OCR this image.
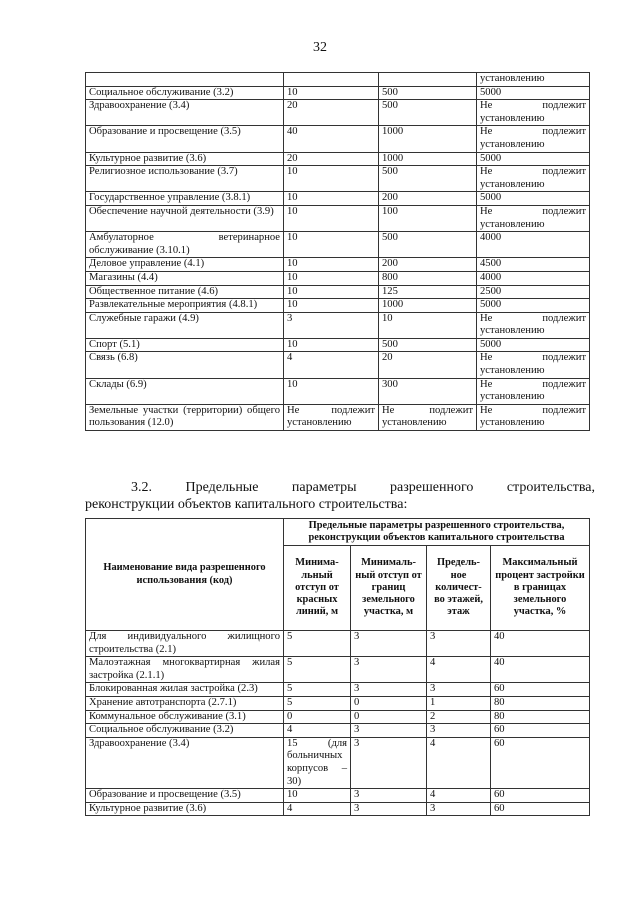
32
			установлению
Социальное обслуживание (3.2)	10	500	5000
Здравоохранение (3.4)	20	500	Не подлежит установлению
Образование и просвещение (3.5)	40	1000	Не подлежит установлению
Культурное развитие (3.6)	20	1000	5000
Религиозное использование (3.7)	10	500	Не подлежит установлению
Государственное управление (3.8.1)	10	200	5000
Обеспечение научной деятельности (3.9)	10	100	Не подлежит установлению
Амбулаторное ветеринарное обслуживание (3.10.1)	10	500	4000
Деловое управление (4.1)	10	200	4500
Магазины (4.4)	10	800	4000
Общественное питание (4.6)	10	125	2500
Развлекательные мероприятия (4.8.1)	10	1000	5000
Служебные гаражи (4.9)	3	10	Не подлежит установлению
Спорт (5.1)	10	500	5000
Связь (6.8)	4	20	Не подлежит установлению
Склады (6.9)	10	300	Не подлежит установлению
Земельные участки (территории) общего пользования (12.0)	Не подлежит установлению	Не подлежит установлению	Не подлежит установлению
3.2. Предельные параметры разрешенного строительства,
реконструкции объектов капитального строительства:
Наименование вида разрешенного использования (код)	Предельные параметры разрешенного строительства, реконструкции объектов капитального строительства			
	Минима-льный отступ от красных линий, м	Минималь-ный отступ от границ земельного участка, м	Предель-ное количест-во этажей, этаж	Максимальный процент застройки в границах земельного участка, %
Для индивидуального жилищного строительства (2.1)	5	3	3	40
Малоэтажная многоквартирная жилая застройка (2.1.1)	5	3	4	40
Блокированная жилая застройка (2.3)	5	3	3	60
Хранение автотранспорта (2.7.1)	5	0	1	80
Коммунальное обслуживание (3.1)	0	0	2	80
Социальное обслуживание (3.2)	4	3	3	60
Здравоохранение (3.4)	15 (для больничных корпусов – 30)	3	4	60
Образование и просвещение (3.5)	10	3	4	60
Культурное развитие (3.6)	4	3	3	60
